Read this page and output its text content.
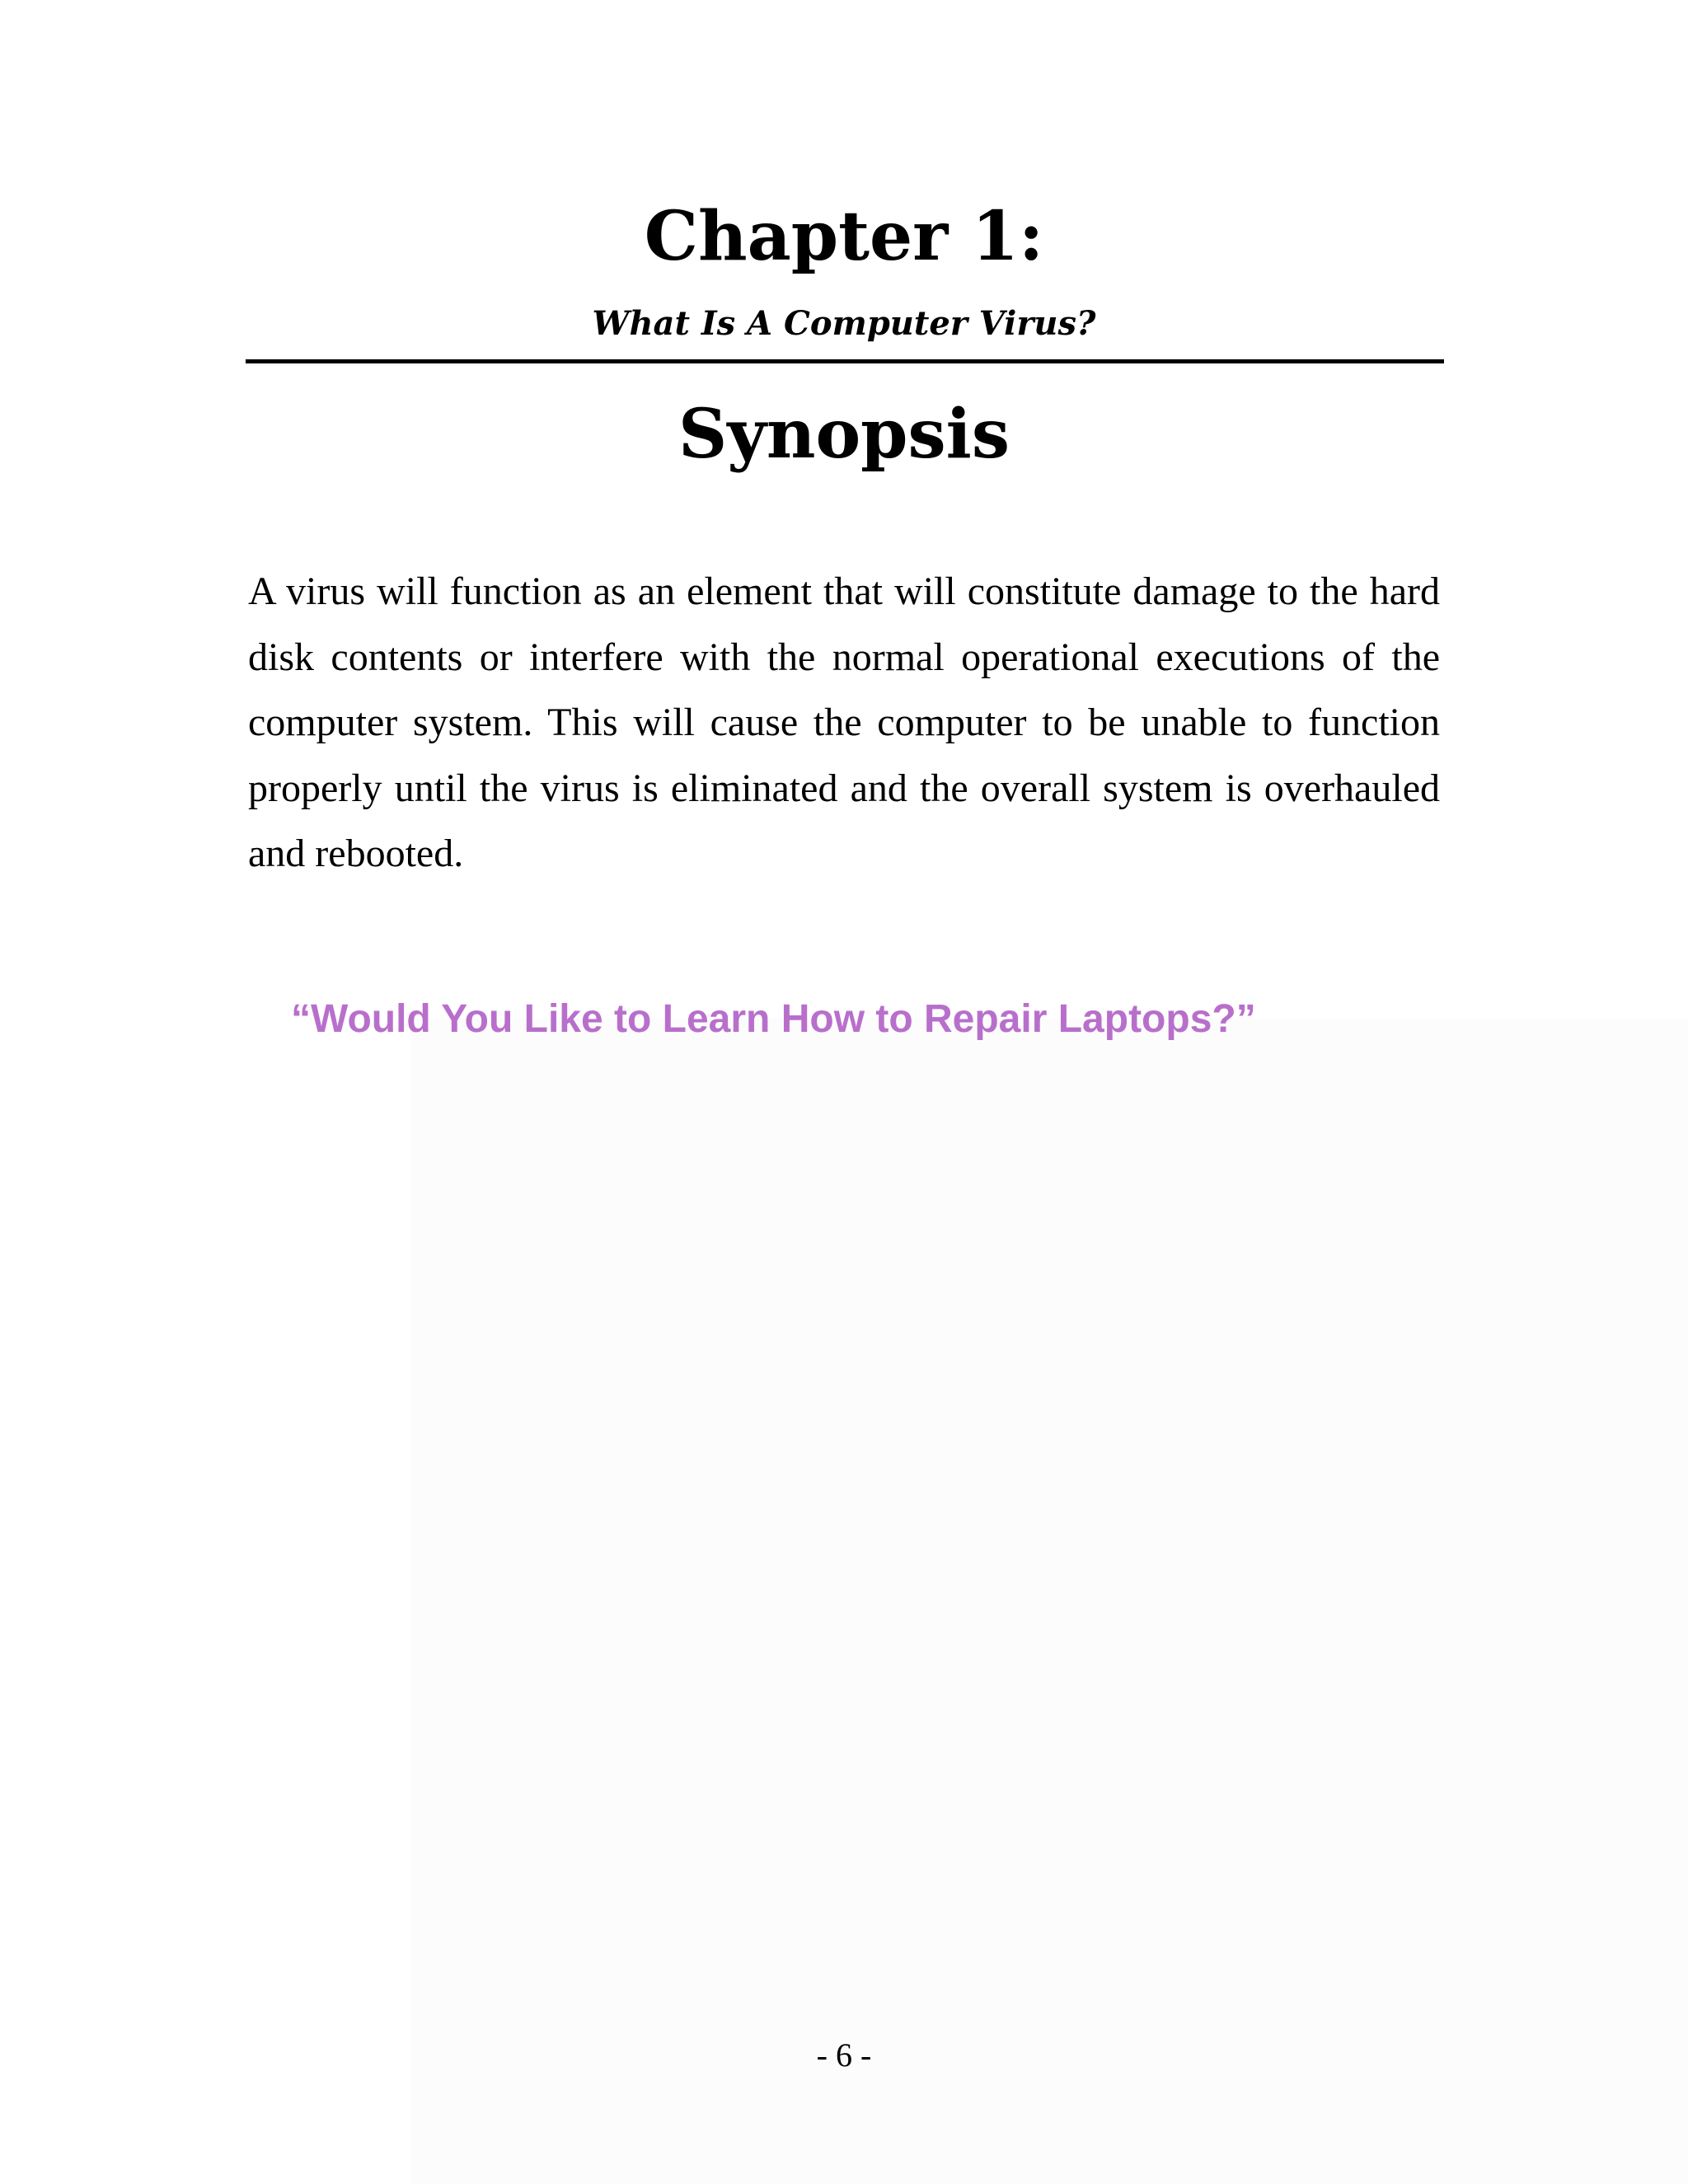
Chapter 1:
What Is A Computer Virus?
Synopsis

A virus will function as an element that will constitute damage to the hard disk contents or interfere with the normal operational executions of the computer system. This will cause the computer to be unable to function properly until the virus is eliminated and the overall system is overhauled and rebooted.

“Would You Like to Learn How to Repair Laptops?”

- 6 -
